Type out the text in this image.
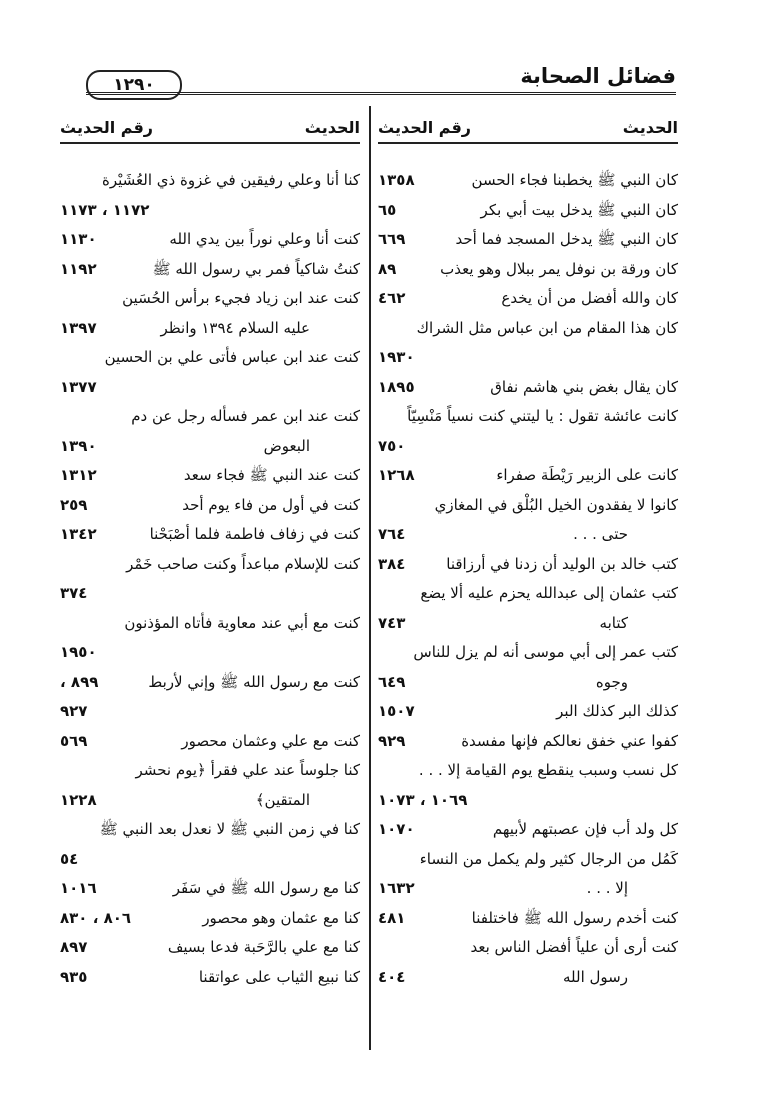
فضائل الصحابة
١٢٩٠
الحديث
رقم الحديث
كان النبي ﷺ يخطبنا فجاء الحسن
١٣٥٨
كان النبي ﷺ يدخل بيت أبي بكر
٦٥
كان النبي ﷺ يدخل المسجد فما أحد
٦٦٩
كان ورقة بن نوفل يمر ببلال وهو يعذب
٨٩
كان والله أفضل من أن يخدع
٤٦٢
كان هذا المقام من ابن عباس مثل الشراك
١٩٣٠
كان يقال بغض بني هاشم نفاق
١٨٩٥
كانت عائشة تقول : يا ليتني كنت نسياً مَنْسِيّاً
٧٥٠
كانت على الزبير رَيْطَة صفراء
١٢٦٨
كانوا لا يفقدون الخيل البُلْق في المغازي
حتى . . .
٧٦٤
كتب خالد بن الوليد أن زدنا في أرزاقنا
٣٨٤
كتب عثمان إلى عبدالله يحزم عليه ألا يضع
كتابه
٧٤٣
كتب عمر إلى أبي موسى أنه لم يزل للناس
وجوه
٦٤٩
كذلك البر كذلك البر
١٥٠٧
كفوا عني خفق نعالكم فإنها مفسدة
٩٢٩
كل نسب وسبب ينقطع يوم القيامة إلا . . .
١٠٦٩ ، ١٠٧٣
كل ولد أب فإن عصبتهم لأبيهم
١٠٧٠
كَمُل من الرجال كثير ولم يكمل من النساء
إلا . . .
١٦٣٢
كنت أخدم رسول الله ﷺ فاختلفنا
٤٨١
كنت أرى أن علياً أفضل الناس بعد
رسول الله
٤٠٤
الحديث
رقم الحديث
كنا أنا وعلي رفيقين في غزوة ذي العُشَيْرة
١١٧٢ ، ١١٧٣
كنت أنا وعلي نوراً بين يدي الله
١١٣٠
كنتُ شاكياً فمر بي رسول الله ﷺ
١١٩٢
كنت عند ابن زياد فجيء برأس الحُسَين
عليه السلام ١٣٩٤ وانظر
١٣٩٧
كنت عند ابن عباس فأتى علي بن الحسين
١٣٧٧
كنت عند ابن عمر فسأله رجل عن دم
البعوض
١٣٩٠
كنت عند النبي ﷺ فجاء سعد
١٣١٢
كنت في أول من فاء يوم أحد
٢٥٩
كنت في زفاف فاطمة فلما أصْبَحْنا
١٣٤٢
كنت للإسلام مباعداً وكنت صاحب خَمْر
٣٧٤
كنت مع أبي عند معاوية فأتاه المؤذنون
١٩٥٠
كنت مع رسول الله ﷺ وإني لأربط
٨٩٩ ،
٩٢٧
كنت مع علي وعثمان محصور
٥٦٩
كنا جلوساً عند علي فقرأ ﴿يوم نحشر
المتقين﴾
١٢٢٨
كنا في زمن النبي ﷺ لا نعدل بعد النبي ﷺ
٥٤
كنا مع رسول الله ﷺ في سَفَر
١٠١٦
كنا مع عثمان وهو محصور
٨٠٦ ، ٨٣٠
كنا مع علي بالرَّحَبة فدعا بسيف
٨٩٧
كنا نبيع الثياب على عواتقنا
٩٣٥
